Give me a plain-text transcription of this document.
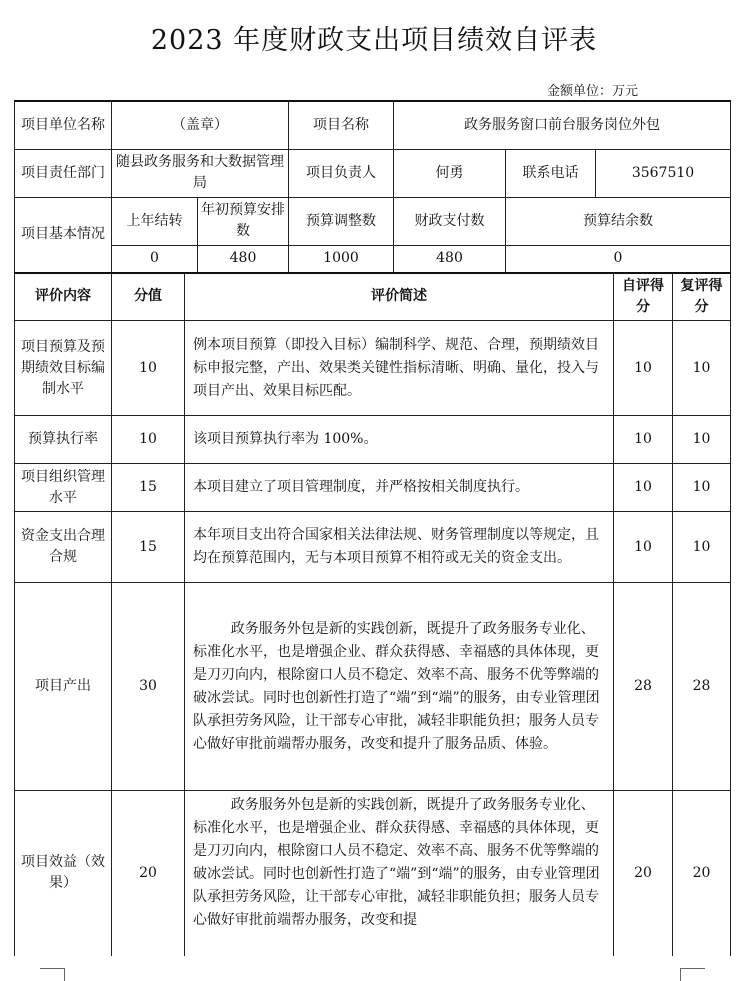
2023 年度财政支出项目绩效自评表
金额单位：万元
项目单位名称	（盖章）		项目名称	政务服务窗口前台服务岗位外包		
项目责任部门	随县政务服务和大数据管理局		项目负责人	何勇	联系电话	3567510
项目基本情况	上年结转	年初预算安排数	预算调整数	财政支付数	预算结余数	
	0	480	1000	480	0	
评价内容	分值	评价简述	自评得分	复评得分
项目预算及预期绩效目标编制水平	10	例本项目预算（即投入目标）编制科学、规范、合理，预期绩效目标申报完整，产出、效果类关键性指标清晰、明确、量化，投入与项目产出、效果目标匹配。	10	10
预算执行率	10	该项目预算执行率为 100%。	10	10
项目组织管理水平	15	本项目建立了项目管理制度，并严格按相关制度执行。	10	10
资金支出合理合规	15	本年项目支出符合国家相关法律法规、财务管理制度以等规定，且均在预算范围内，无与本项目预算不相符或无关的资金支出。	10	10
项目产出	30	政务服务外包是新的实践创新，既提升了政务服务专业化、标准化水平，也是增强企业、群众获得感、幸福感的具体体现，更是刀刃向内，根除窗口人员不稳定、效率不高、服务不优等弊端的破冰尝试。同时也创新性打造了“端”到“端”的服务，由专业管理团队承担劳务风险，让干部专心审批，减轻非职能负担；服务人员专心做好审批前端帮办服务，改变和提升了服务品质、体验。	28	28
项目效益（效果）	20	政务服务外包是新的实践创新，既提升了政务服务专业化、标准化水平，也是增强企业、群众获得感、幸福感的具体体现，更是刀刃向内，根除窗口人员不稳定、效率不高、服务不优等弊端的破冰尝试。同时也创新性打造了“端”到“端”的服务，由专业管理团队承担劳务风险，让干部专心审批，减轻非职能负担；服务人员专心做好审批前端帮办服务，改变和提	20	20
